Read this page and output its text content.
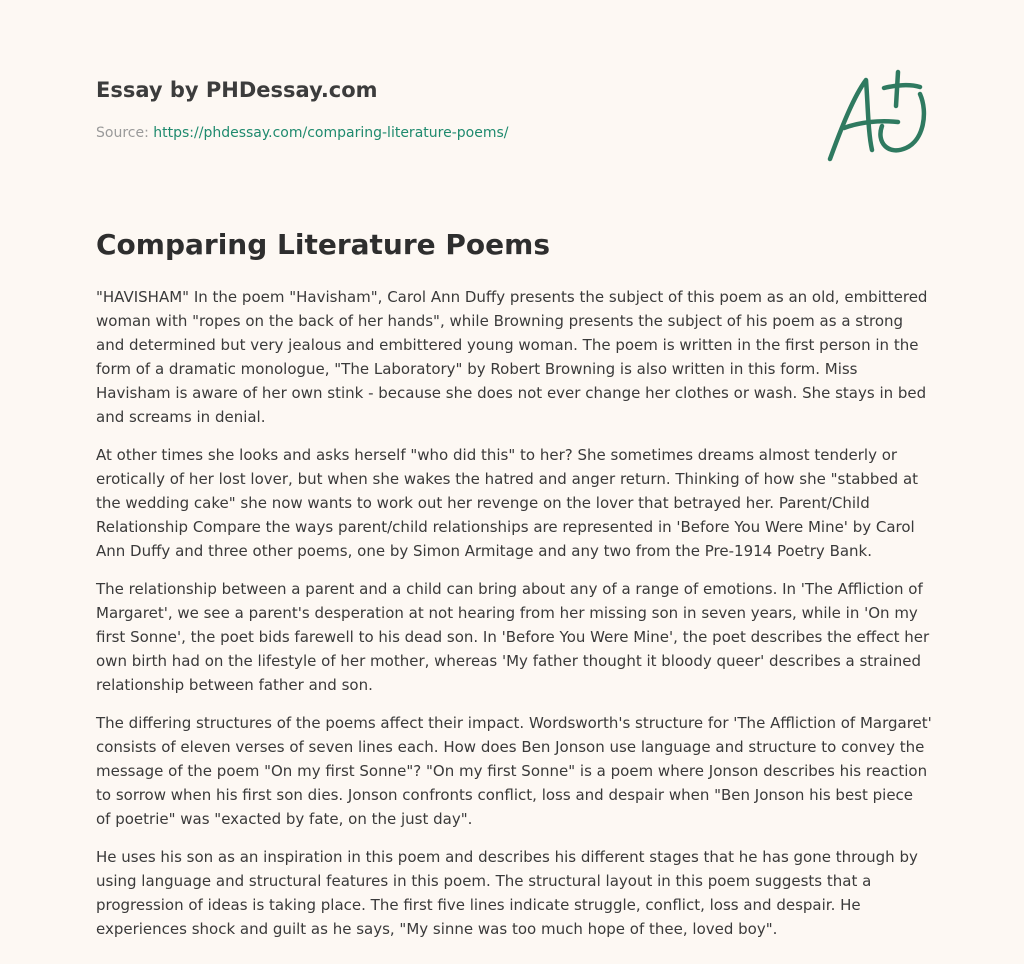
Essay by PHDessay.com
Source: https://phdessay.com/comparing-literature-poems/
Comparing Literature Poems

"HAVISHAM" In the poem "Havisham", Carol Ann Duffy presents the subject of this poem as an old, embittered woman with "ropes on the back of her hands", while Browning presents the subject of his poem as a strong and determined but very jealous and embittered young woman. The poem is written in the first person in the form of a dramatic monologue, "The Laboratory" by Robert Browning is also written in this form. Miss Havisham is aware of her own stink - because she does not ever change her clothes or wash. She stays in bed and screams in denial.

At other times she looks and asks herself "who did this" to her? She sometimes dreams almost tenderly or erotically of her lost lover, but when she wakes the hatred and anger return. Thinking of how she "stabbed at the wedding cake" she now wants to work out her revenge on the lover that betrayed her. Parent/Child Relationship Compare the ways parent/child relationships are represented in 'Before You Were Mine' by Carol Ann Duffy and three other poems, one by Simon Armitage and any two from the Pre-1914 Poetry Bank.

The relationship between a parent and a child can bring about any of a range of emotions. In 'The Affliction of Margaret', we see a parent's desperation at not hearing from her missing son in seven years, while in 'On my first Sonne', the poet bids farewell to his dead son. In 'Before You Were Mine', the poet describes the effect her own birth had on the lifestyle of her mother, whereas 'My father thought it bloody queer' describes a strained relationship between father and son.

The differing structures of the poems affect their impact. Wordsworth's structure for 'The Affliction of Margaret' consists of eleven verses of seven lines each. How does Ben Jonson use language and structure to convey the message of the poem "On my first Sonne"? "On my first Sonne" is a poem where Jonson describes his reaction to sorrow when his first son dies. Jonson confronts conflict, loss and despair when "Ben Jonson his best piece of poetrie" was "exacted by fate, on the just day".

He uses his son as an inspiration in this poem and describes his different stages that he has gone through by using language and structural features in this poem. The structural layout in this poem suggests that a progression of ideas is taking place. The first five lines indicate struggle, conflict, loss and despair. He experiences shock and guilt as he says, "My sinne was too much hope of thee, loved boy".
